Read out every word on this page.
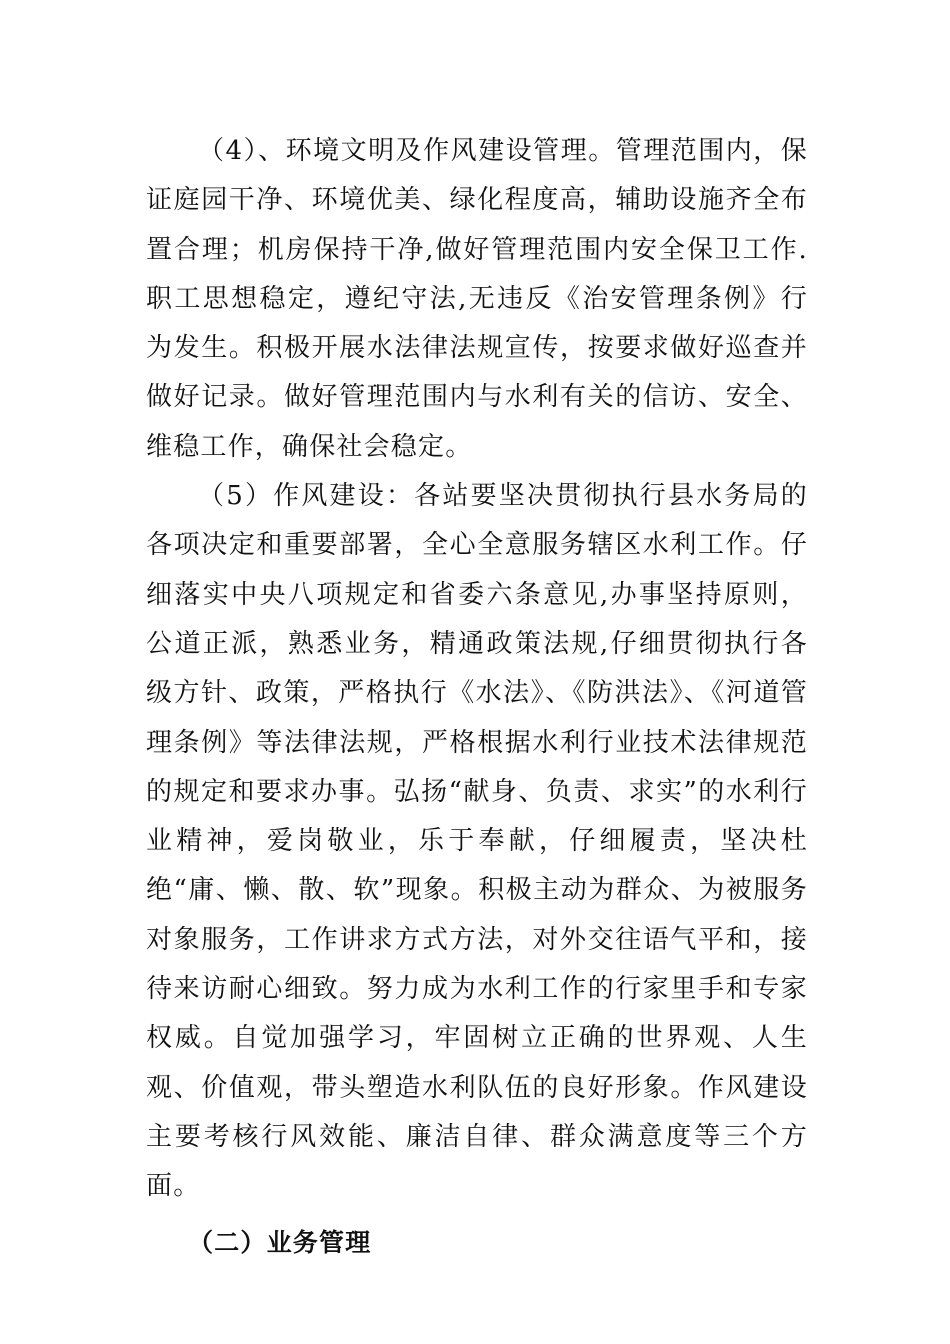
（4）、环境文明及作风建设管理。管理范围内，保证庭园干净、环境优美、绿化程度高，辅助设施齐全布置合理；机房保持干净,做好管理范围内安全保卫工作.职工思想稳定，遵纪守法,无违反《治安管理条例》行为发生。积极开展水法律法规宣传，按要求做好巡查并做好记录。做好管理范围内与水利有关的信访、安全、维稳工作，确保社会稳定。

（5）作风建设：各站要坚决贯彻执行县水务局的各项决定和重要部署，全心全意服务辖区水利工作。仔细落实中央八项规定和省委六条意见,办事坚持原则，公道正派，熟悉业务，精通政策法规,仔细贯彻执行各级方针、政策，严格执行《水法》、《防洪法》、《河道管理条例》等法律法规，严格根据水利行业技术法律规范的规定和要求办事。弘扬“献身、负责、求实”的水利行业精神，爱岗敬业，乐于奉献，仔细履责，坚决杜绝“庸、懒、散、软”现象。积极主动为群众、为被服务对象服务，工作讲求方式方法，对外交往语气平和，接待来访耐心细致。努力成为水利工作的行家里手和专家权威。自觉加强学习，牢固树立正确的世界观、人生观、价值观，带头塑造水利队伍的良好形象。作风建设主要考核行风效能、廉洁自律、群众满意度等三个方面。

（二）业务管理
